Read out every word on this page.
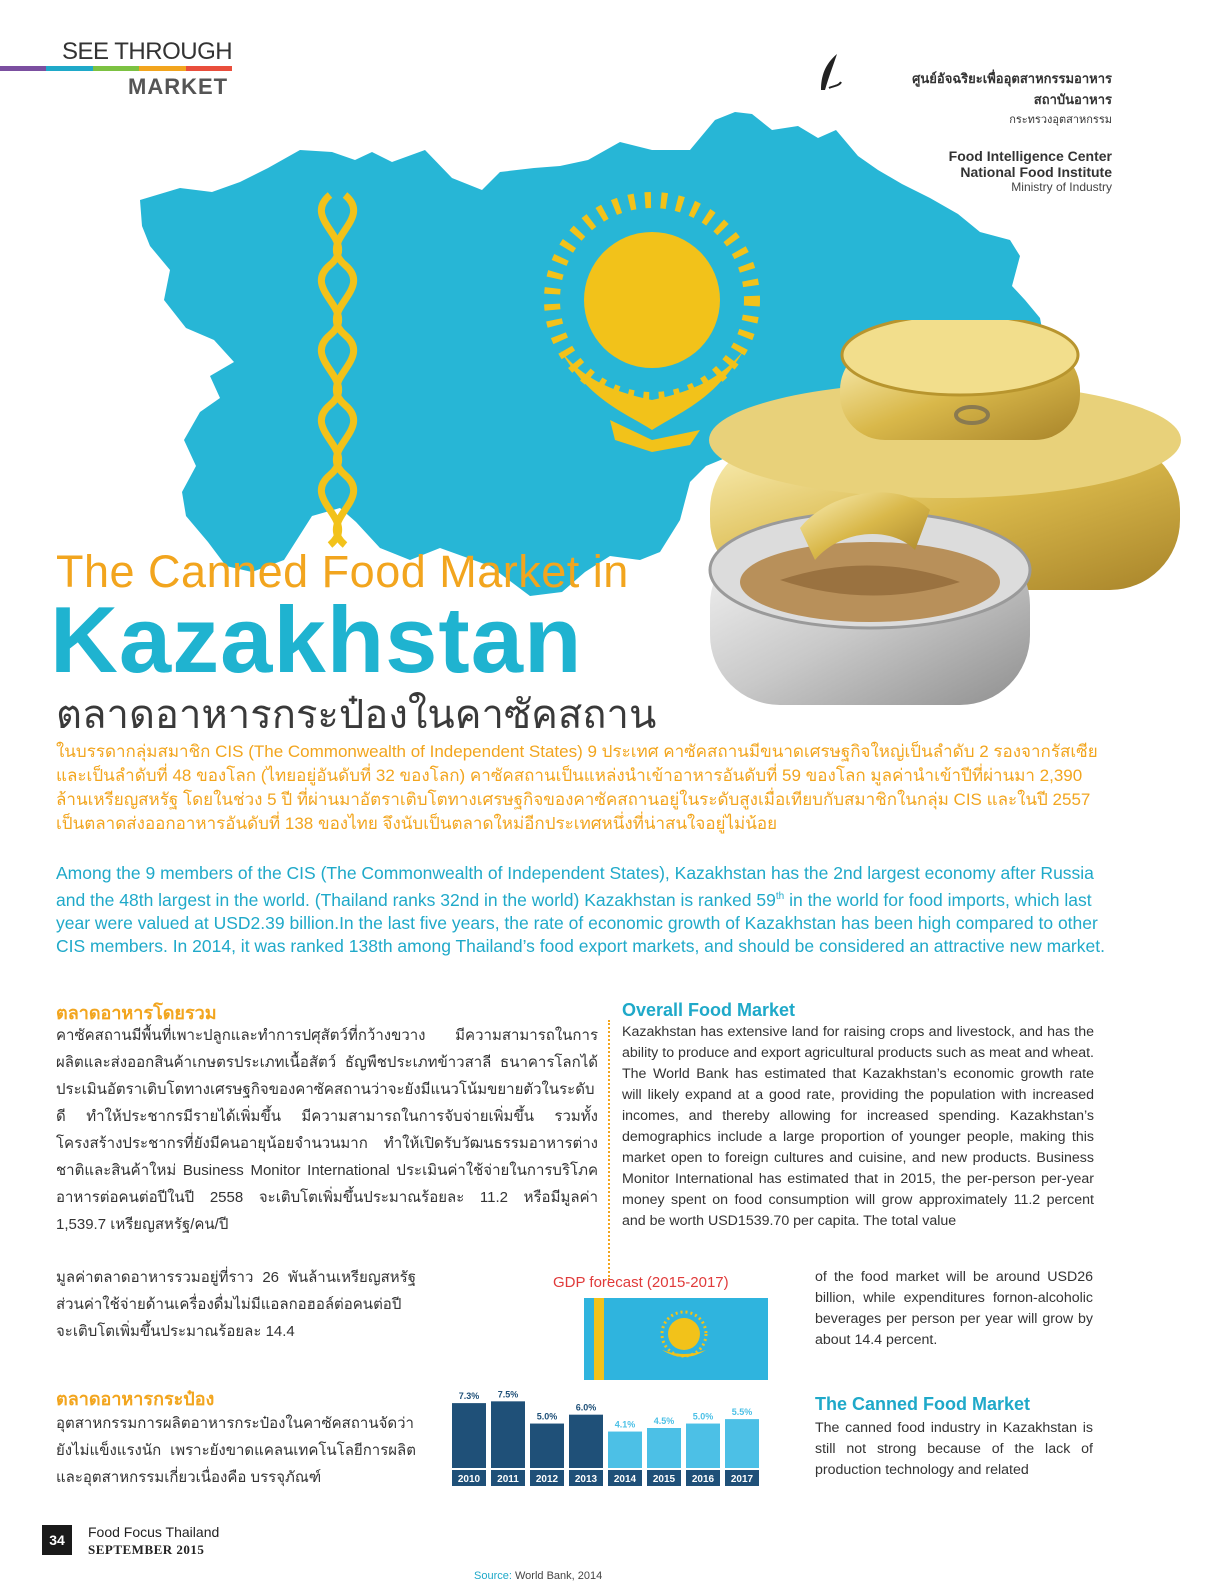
SEE THROUGH
MARKET	ศูนย์อัจฉริยะเพื่ออุตสาหกรรมอาหาร
สถาบันอาหาร
กระทรวงอุตสาหกรรม
Food Intelligence Center
National Food Institute
Ministry of Industry
The Canned Food Market in
Kazakhstan
ตลาดอาหารกระป๋องในคาซัคสถาน
ในบรรดากลุ่มสมาชิก CIS (The Commonwealth of Independent States) 9 ประเทศ คาซัคสถานมีขนาดเศรษฐกิจใหญ่เป็นลำดับ 2 รองจากรัสเซีย และเป็นลำดับที่ 48 ของโลก (ไทยอยู่อันดับที่ 32 ของโลก) คาซัคสถานเป็นแหล่งนำเข้าอาหารอันดับที่ 59 ของโลก มูลค่านำเข้าปีที่ผ่านมา 2,390 ล้านเหรียญสหรัฐ โดยในช่วง 5 ปี ที่ผ่านมาอัตราเติบโตทางเศรษฐกิจของคาซัคสถานอยู่ในระดับสูงเมื่อเทียบกับสมาชิกในกลุ่ม CIS และในปี 2557 เป็นตลาดส่งออกอาหารอันดับที่ 138 ของไทย จึงนับเป็นตลาดใหม่อีกประเทศหนึ่งที่น่าสนใจอยู่ไม่น้อย
Among the 9 members of the CIS (The Commonwealth of Independent States), Kazakhstan has the 2nd largest economy after Russia and the 48th largest in the world. (Thailand ranks 32nd in the world) Kazakhstan is ranked 59th in the world for food imports, which last year were valued at USD2.39 billion.In the last five years, the rate of economic growth of Kazakhstan has been high compared to other CIS members. In 2014, it was ranked 138th among Thailand’s food export markets, and should be considered an attractive new market.
ตลาดอาหารโดยรวม
คาซัคสถานมีพื้นที่เพาะปลูกและทำการปศุสัตว์ที่กว้างขวาง มีความสามารถในการผลิตและส่งออกสินค้าเกษตรประเภทเนื้อสัตว์ ธัญพืชประเภทข้าวสาลี ธนาคารโลกได้ประเมินอัตราเติบโตทางเศรษฐกิจของคาซัคสถานว่าจะยังมีแนวโน้มขยายตัวในระดับดี ทำให้ประชากรมีรายได้เพิ่มขึ้น มีความสามารถในการจับจ่ายเพิ่มขึ้น รวมทั้งโครงสร้างประชากรที่ยังมีคนอายุน้อยจำนวนมาก ทำให้เปิดรับวัฒนธรรมอาหารต่างชาติและสินค้าใหม่ Business Monitor International ประเมินค่าใช้จ่ายในการบริโภคอาหารต่อคนต่อปีในปี 2558 จะเติบโตเพิ่มขึ้นประมาณร้อยละ 11.2 หรือมีมูลค่า 1,539.7 เหรียญสหรัฐ/คน/ปี
มูลค่าตลาดอาหารรวมอยู่ที่ราว 26 พันล้านเหรียญสหรัฐ ส่วนค่าใช้จ่ายด้านเครื่องดื่มไม่มีแอลกอฮอล์ต่อคนต่อปีจะเติบโตเพิ่มขึ้นประมาณร้อยละ 14.4
ตลาดอาหารกระป๋อง
อุตสาหกรรมการผลิตอาหารกระป๋องในคาซัคสถานจัดว่ายังไม่แข็งแรงนัก เพราะยังขาดแคลนเทคโนโลยีการผลิตและอุตสาหกรรมเกี่ยวเนื่องคือ บรรจุภัณฑ์
Overall Food Market
Kazakhstan has extensive land for raising crops and livestock, and has the ability to produce and export agricultural products such as meat and wheat. The World Bank has estimated that Kazakhstan’s economic growth rate will likely expand at a good rate, providing the population with increased incomes, and thereby allowing for increased spending. Kazakhstan’s demographics include a large proportion of younger people, making this market open to foreign cultures and cuisine, and new products. Business Monitor International has estimated that in 2015, the per-person per-year money spent on food consumption will grow approximately 11.2 percent and be worth USD1539.70 per capita. The total value
of the food market will be around USD26 billion, while expenditures fornon-alcoholic beverages per person per year will grow by about 14.4 percent.
The Canned Food Market
The canned food industry in Kazakhstan is still not strong because of the lack of production technology and related
GDP forecast (2015-2017)
7.3%
2010
7.5%
2011
5.0%
2012
6.0%
2013
4.1%
2014
4.5%
2015
5.0%
2016
5.5%
2017
Source: World Bank, 2014
34	Food Focus Thailand
SEPTEMBER 2015
